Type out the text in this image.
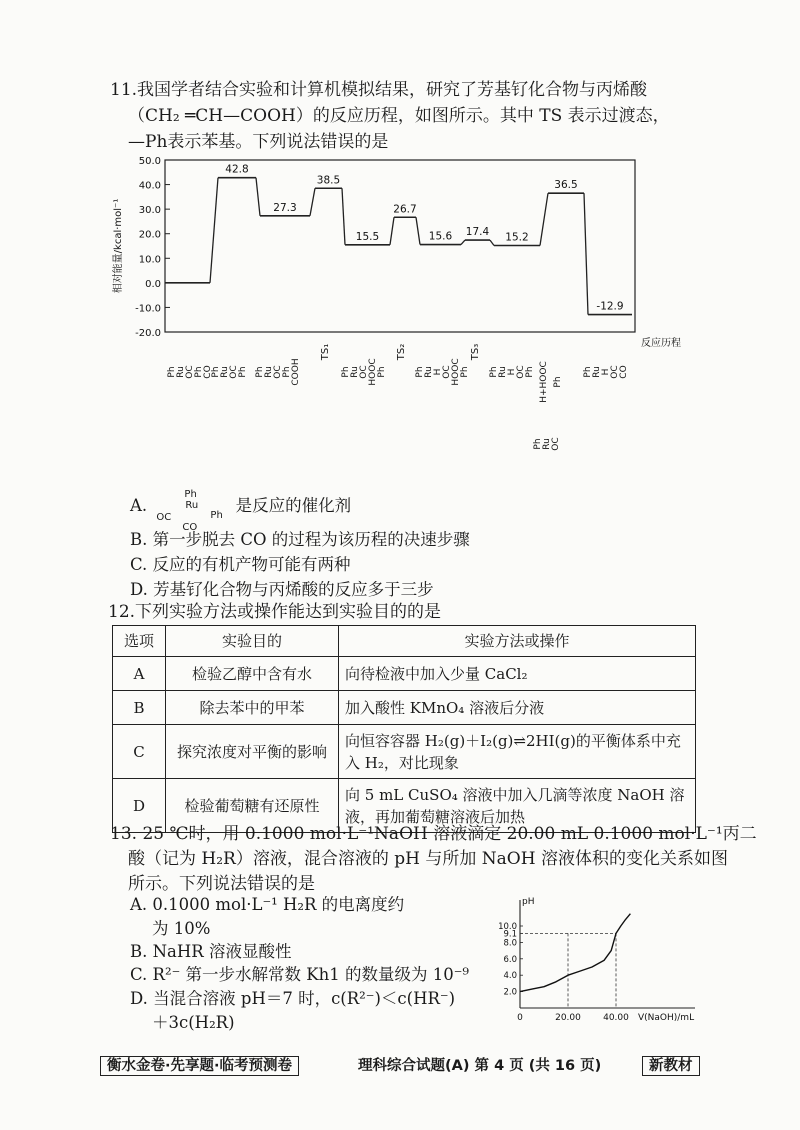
11.我国学者结合实验和计算机模拟结果，研究了芳基钌化合物与丙烯酸
（CH₂ ═CH—COOH）的反应历程，如图所示。其中 TS 表示过渡态，
—Ph表示苯基。下列说法错误的是
50.0
40.0
30.0
20.0
10.0
0.0
-10.0
-20.0
相对能量/kcal·mol⁻¹
反应历程
42.8
27.3
38.5
15.5
26.7
15.6 17.4 15.2
36.5
-12.9
Ph Ru OC Ph CO
Ph Ru OC Ph Ph Ru OC Ph COOH	Ph Ru OC HOOC Ph	Ph Ru H OC HOOC Ph Ph Ru H OC Ph	Ph Ru H OC CO
TS₁	TS₂	TS₃
H+HOOC Ph
Ph Ru OC
A.
Ph
Ru
OC	Ph
CO
是反应的催化剂
B. 第一步脱去 CO 的过程为该历程的决速步骤
C. 反应的有机产物可能有两种
D. 芳基钌化合物与丙烯酸的反应多于三步
12.下列实验方法或操作能达到实验目的的是
选项	实验目的	实验方法或操作
A	检验乙醇中含有水	向待检液中加入少量 CaCl₂
B	除去苯中的甲苯	加入酸性 KMnO₄ 溶液后分液
C	探究浓度对平衡的影响	向恒容容器 H₂(g)＋I₂(g)⇌2HI(g)的平衡体系中充入 H₂，对比现象
D	检验葡萄糖有还原性	向 5 mL CuSO₄ 溶液中加入几滴等浓度 NaOH 溶液，再加葡萄糖溶液后加热
13. 25 ℃时，用 0.1000 mol·L⁻¹NaOH 溶液滴定 20.00 mL 0.1000 mol·L⁻¹丙二
酸（记为 H₂R）溶液，混合溶液的 pH 与所加 NaOH 溶液体积的变化关系如图
所示。下列说法错误的是
A. 0.1000 mol·L⁻¹ H₂R 的电离度约
为 10%
B. NaHR 溶液显酸性
C. R²⁻ 第一步水解常数 Kh1 的数量级为 10⁻⁹
D. 当混合溶液 pH＝7 时，c(R²⁻)＜c(HR⁻)
＋3c(H₂R)
pH
V(NaOH)/mL
10.0
9.1
8.0
6.0
4.0
2.0
0	20.00 40.00
衡水金卷·先享题·临考预测卷	理科综合试题(A) 第 4 页 (共 16 页)	新教材
